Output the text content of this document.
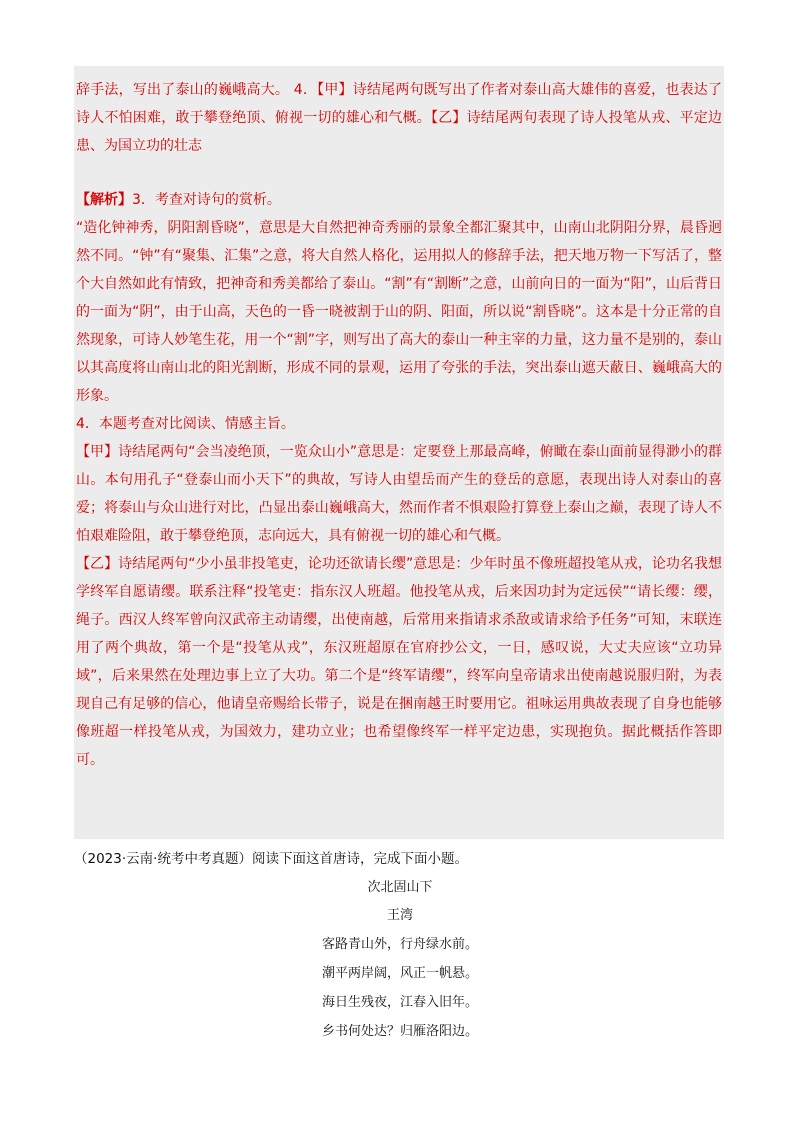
辞手法，写出了泰山的巍峨高大。 4．【甲】诗结尾两句既写出了作者对泰山高大雄伟的喜爱，也表达了诗人不怕困难，敢于攀登绝顶、俯视一切的雄心和气概。【乙】诗结尾两句表现了诗人投笔从戎、平定边患、为国立功的壮志

【解析】3．考查对诗句的赏析。

“造化钟神秀，阴阳割昏晓”，意思是大自然把神奇秀丽的景象全都汇聚其中，山南山北阴阳分界，晨昏迥然不同。“钟”有“聚集、汇集”之意，将大自然人格化，运用拟人的修辞手法，把天地万物一下写活了，整个大自然如此有情致，把神奇和秀美都给了泰山。“割”有“割断”之意，山前向日的一面为“阳”，山后背日的一面为“阴”，由于山高，天色的一昏一晓被割于山的阴、阳面，所以说“割昏晓”。这本是十分正常的自然现象，可诗人妙笔生花，用一个“割”字，则写出了高大的泰山一种主宰的力量，这力量不是别的，泰山以其高度将山南山北的阳光割断，形成不同的景观，运用了夸张的手法，突出泰山遮天蔽日、巍峨高大的形象。

4．本题考查对比阅读、情感主旨。

【甲】诗结尾两句“会当凌绝顶，一览众山小”意思是：定要登上那最高峰，俯瞰在泰山面前显得渺小的群山。本句用孔子“登泰山而小天下”的典故，写诗人由望岳而产生的登岳的意愿，表现出诗人对泰山的喜爱；将泰山与众山进行对比，凸显出泰山巍峨高大，然而作者不惧艰险打算登上泰山之巅，表现了诗人不怕艰难险阻，敢于攀登绝顶，志向远大，具有俯视一切的雄心和气概。

【乙】诗结尾两句“少小虽非投笔吏，论功还欲请长缨”意思是：少年时虽不像班超投笔从戎，论功名我想学终军自愿请缨。联系注释“投笔吏：指东汉人班超。他投笔从戎，后来因功封为定远侯”“请长缨：缨，绳子。西汉人终军曾向汉武帝主动请缨，出使南越，后常用来指请求杀敌或请求给予任务”可知，末联连用了两个典故，第一个是“投笔从戎”，东汉班超原在官府抄公文，一日，感叹说，大丈夫应该“立功异域”，后来果然在处理边事上立了大功。第二个是“终军请缨”，终军向皇帝请求出使南越说服归附，为表现自己有足够的信心，他请皇帝赐给长带子，说是在捆南越王时要用它。祖咏运用典故表现了自身也能够像班超一样投笔从戎，为国效力，建功立业；也希望像终军一样平定边患，实现抱负。据此概括作答即可。

（2023·云南·统考中考真题）阅读下面这首唐诗，完成下面小题。

次北固山下

王湾

客路青山外，行舟绿水前。

潮平两岸阔，风正一帆悬。

海日生残夜，江春入旧年。

乡书何处达？归雁洛阳边。
